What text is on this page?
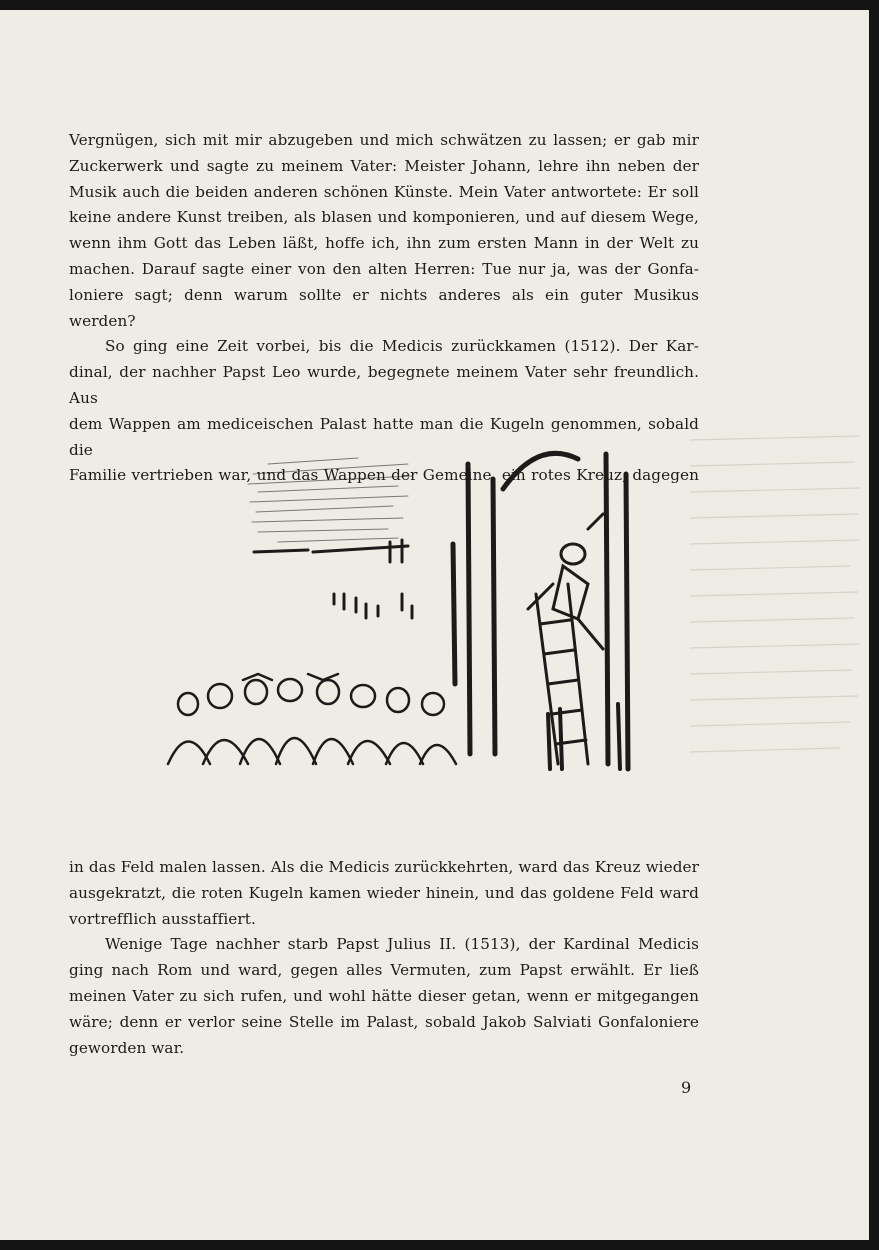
Vergnügen, sich mit mir abzugeben und mich schwätzen zu lassen; er gab mir

Zuckerwerk und sagte zu meinem Vater: Meister Johann, lehre ihn neben der

Musik auch die beiden anderen schönen Künste. Mein Vater antwortete: Er soll

keine andere Kunst treiben, als blasen und komponieren, und auf diesem Wege,

wenn ihm Gott das Leben läßt, hoffe ich, ihn zum ersten Mann in der Welt zu

machen. Darauf sagte einer von den alten Herren: Tue nur ja, was der Gonfa-

loniere sagt; denn warum sollte er nichts anderes als ein guter Musikus werden?

So ging eine Zeit vorbei, bis die Medicis zurückkamen (1512). Der Kar-

dinal, der nachher Papst Leo wurde, begegnete meinem Vater sehr freundlich. Aus

dem Wappen am mediceischen Palast hatte man die Kugeln genommen, sobald die

Familie vertrieben war, und das Wappen der Gemeine, ein rotes Kreuz, dagegen

in das Feld malen lassen. Als die Medicis zurückkehrten, ward das Kreuz wieder

ausgekratzt, die roten Kugeln kamen wieder hinein, und das goldene Feld ward

vortrefflich ausstaffiert.

Wenige Tage nachher starb Papst Julius II. (1513), der Kardinal Medicis

ging nach Rom und ward, gegen alles Vermuten, zum Papst erwählt. Er ließ

meinen Vater zu sich rufen, und wohl hätte dieser getan, wenn er mitgegangen

wäre; denn er verlor seine Stelle im Palast, sobald Jakob Salviati Gonfaloniere

geworden war.

9
